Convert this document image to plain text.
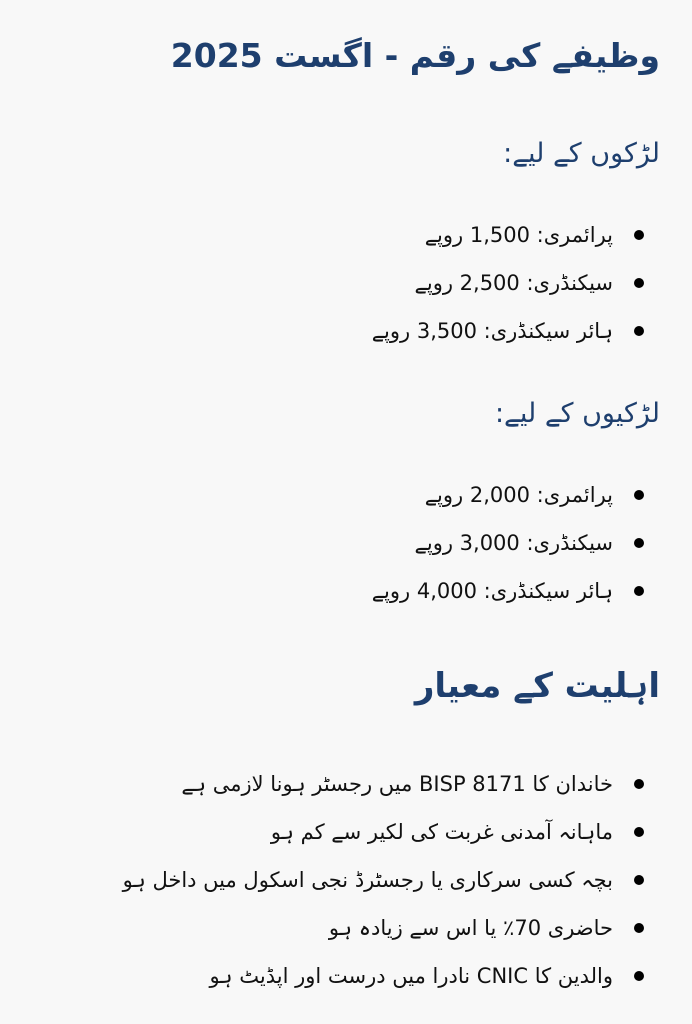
وظیفے کی رقم - اگست 2025
لڑکوں کے لیے:
پرائمری: 1,500 روپے
سیکنڈری: 2,500 روپے
ہائر سیکنڈری: 3,500 روپے
لڑکیوں کے لیے:
پرائمری: 2,000 روپے
سیکنڈری: 3,000 روپے
ہائر سیکنڈری: 4,000 روپے
اہلیت کے معیار
خاندان کا BISP 8171 میں رجسٹر ہونا لازمی ہے
ماہانہ آمدنی غربت کی لکیر سے کم ہو
بچہ کسی سرکاری یا رجسٹرڈ نجی اسکول میں داخل ہو
حاضری 70٪ یا اس سے زیادہ ہو
والدین کا CNIC نادرا میں درست اور اپڈیٹ ہو
